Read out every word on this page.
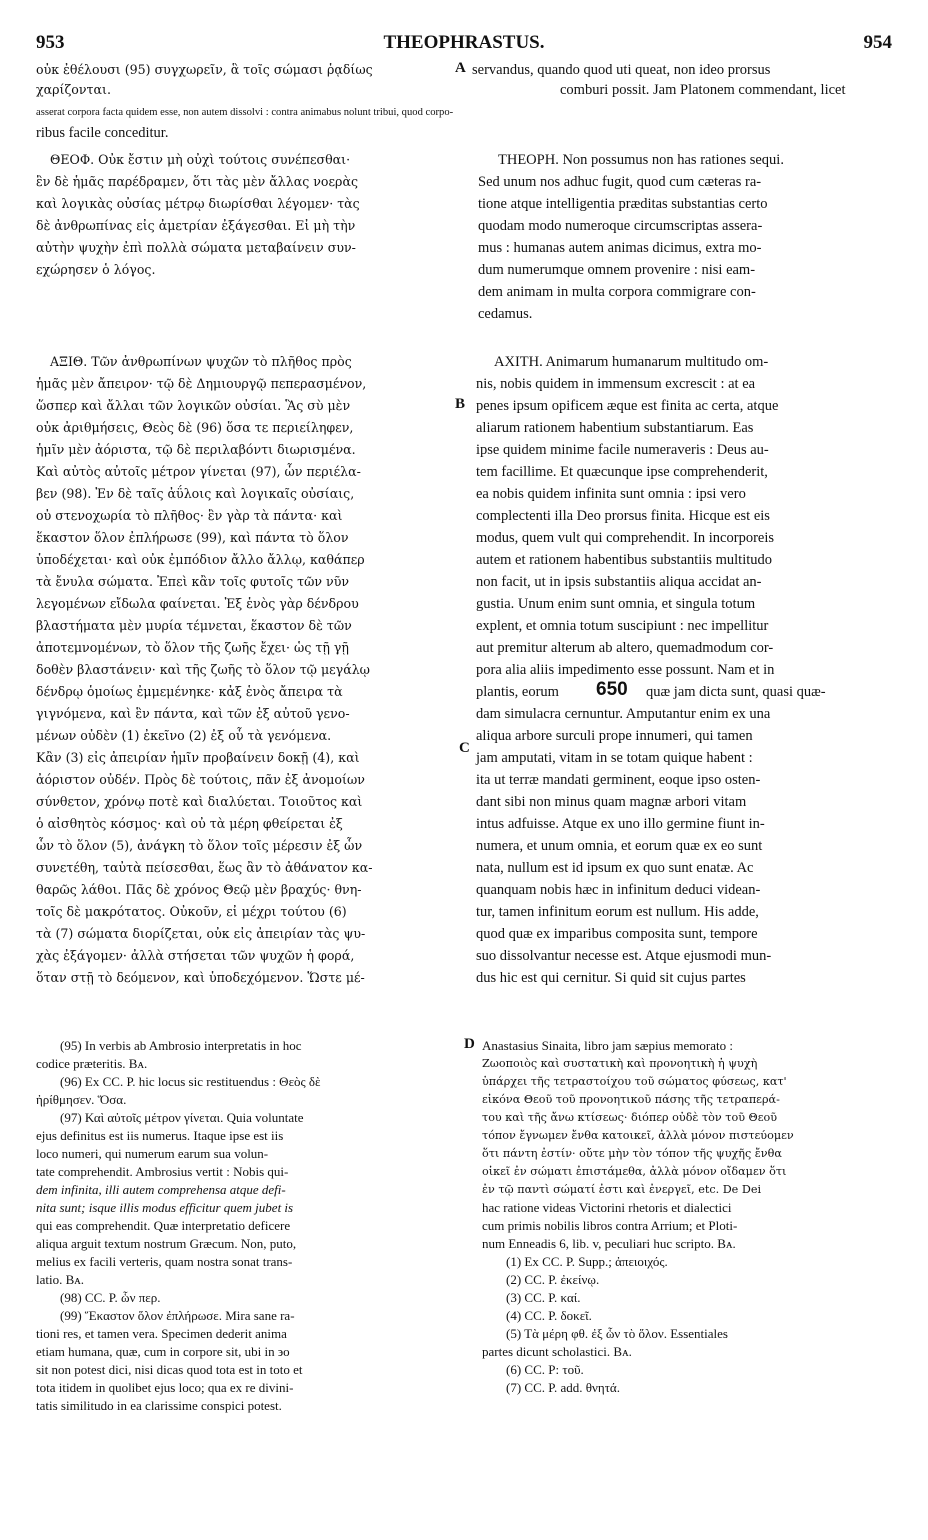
953	THEOPHRASTUS.	954
οὐκ ἐθέλουσι (95) συγχωρεῖν, ἃ τοῖς σώμασι ῥᾳδίως
χαρίζονται.
A servandus, quando quod uti queat, non ideo prorsus
comburi possit. Jam Platonem commendant, licet
asserat corpora facta quidem esse, non autem dissolvi : contra animabus nolunt tribui, quod corpo-
ribus facile conceditur.
ΘΕΟΦ. Οὐκ ἔστιν μὴ οὐχὶ τούτοις συνέπεσθαι·
ἓν δὲ ἡμᾶς παρέδραμεν, ὅτι τὰς μὲν ἄλλας νοερὰς
καὶ λογικὰς οὐσίας μέτρῳ διωρίσθαι λέγομεν· τὰς
δὲ ἀνθρωπίνας εἰς ἀμετρίαν ἐξάγεσθαι. Εἰ μὴ τὴν
αὐτὴν ψυχὴν ἐπὶ πολλὰ σώματα μεταβαίνειν συν-
εχώρησεν ὁ λόγος.
THEOPH. Non possumus non has rationes sequi.
Sed unum nos adhuc fugit, quod cum cæteras ra-
tione atque intelligentia præditas substantias certo
quodam modo numeroque circumscriptas assera-
mus : humanas autem animas dicimus, extra mo-
dum numerumque omnem provenire : nisi eam-
dem animam in multa corpora commigrare con-
cedamus.
ΑΞΙΘ. Τῶν ἀνθρωπίνων ψυχῶν τὸ πλῆθος πρὸς
ἡμᾶς μὲν ἄπειρον· τῷ δὲ Δημιουργῷ πεπερασμένον,
ὥσπερ καὶ ἄλλαι τῶν λογικῶν οὐσίαι. Ἃς σὺ μὲν
οὐκ ἀριθμήσεις, Θεὸς δὲ (96) ὅσα τε περιείληφεν,
ἡμῖν μὲν ἀόριστα, τῷ δὲ περιλαβόντι διωρισμένα.
Καὶ αὐτὸς αὐτοῖς μέτρον γίνεται (97), ὧν περιέλα-
βεν (98). Ἐν δὲ ταῖς ἀΰλοις καὶ λογικαῖς οὐσίαις,
οὐ στενοχωρία τὸ πλῆθος· ἓν γὰρ τὰ πάντα· καὶ
ἕκαστον ὅλον ἐπλήρωσε (99), καὶ πάντα τὸ ὅλον
ὑποδέχεται· καὶ οὐκ ἐμπόδιον ἄλλο ἄλλῳ, καθάπερ
τὰ ἔνυλα σώματα. Ἐπεὶ κἂν τοῖς φυτοῖς τῶν νῦν
λεγομένων εἴδωλα φαίνεται. Ἐξ ἑνὸς γὰρ δένδρου
βλαστήματα μὲν μυρία τέμνεται, ἕκαστον δὲ τῶν
ἀποτεμνομένων, τὸ ὅλον τῆς ζωῆς ἔχει· ὡς τῇ γῇ
δοθὲν βλαστάνειν· καὶ τῆς ζωῆς τὸ ὅλον τῷ μεγάλῳ
δένδρῳ ὁμοίως ἐμμεμένηκε· κἀξ ἑνὸς ἄπειρα τὰ
γιγνόμενα, καὶ ἓν πάντα, καὶ τῶν ἐξ αὐτοῦ γενο-
μένων οὐδὲν (1) ἐκεῖνο (2) ἐξ οὗ τὰ γενόμενα.
Κἂν (3) εἰς ἀπειρίαν ἡμῖν προβαίνειν δοκῇ (4), καὶ
ἀόριστον οὐδέν. Πρὸς δὲ τούτοις, πᾶν ἐξ ἀνομοίων
σύνθετον, χρόνῳ ποτὲ καὶ διαλύεται. Τοιοῦτος καὶ
ὁ αἰσθητὸς κόσμος· καὶ οὐ τὰ μέρη φθείρεται ἐξ
ὧν τὸ ὅλον (5), ἀνάγκη τὸ ὅλον τοῖς μέρεσιν ἐξ ὧν
συνετέθη, ταὐτὰ πείσεσθαι, ἕως ἂν τὸ ἀθάνατον κα-
θαρῶς λάθοι. Πᾶς δὲ χρόνος Θεῷ μὲν βραχύς· θνη-
τοῖς δὲ μακρότατος. Οὐκοῦν, εἰ μέχρι τούτου (6)
τὰ (7) σώματα διορίζεται, οὐκ εἰς ἀπειρίαν τὰς ψυ-
χὰς ἐξάγομεν· ἀλλὰ στήσεται τῶν ψυχῶν ἡ φορά,
ὅταν στῇ τὸ δεόμενον, καὶ ὑποδεχόμενον. Ὥστε μέ-
B
C
AXITH. Animarum humanarum multitudo om-
nis, nobis quidem in immensum excrescit : at ea
penes ipsum opificem æque est finita ac certa, atque
aliarum rationem habentium substantiarum. Eas
ipse quidem minime facile numeraveris : Deus au-
tem facillime. Et quæcunque ipse comprehenderit,
ea nobis quidem infinita sunt omnia : ipsi vero
complectenti illa Deo prorsus finita. Hicque est eis
modus, quem vult qui comprehendit. In incorporeis
autem et rationem habentibus substantiis multitudo
non facit, ut in ipsis substantiis aliqua accidat an-
gustia. Unum enim sunt omnia, et singula totum
explent, et omnia totum suscipiunt : nec impellitur
aut premitur alterum ab altero, quemadmodum cor-
pora alia aliis impedimento esse possunt. Nam et in
plantis, eorum 650 quæ jam dicta sunt, quasi quæ-
dam simulacra cernuntur. Amputantur enim ex una
aliqua arbore surculi prope innumeri, qui tamen
jam amputati, vitam in se totam quique habent :
ita ut terræ mandati germinent, eoque ipso osten-
dant sibi non minus quam magnæ arbori vitam
intus adfuisse. Atque ex uno illo germine fiunt in-
numera, et unum omnia, et eorum quæ ex eo sunt
nata, nullum est id ipsum ex quo sunt enatæ. Ac
quanquam nobis hæc in infinitum deduci videan-
tur, tamen infinitum eorum est nullum. His adde,
quod quæ ex imparibus composita sunt, tempore
suo dissolvantur necesse est. Atque ejusmodi mun-
dus hic est qui cernitur. Si quid sit cujus partes
(95) In verbis ab Ambrosio interpretatis in hoc
codice præteritis. Bᴀ.
(96) Ex CC. P. hic locus sic restituendus : Θεὸς δὲ
ἠρίθμησεν. Ὅσα.
(97) Καὶ αὐτοῖς μέτρον γίνεται. Quia voluntate
ejus definitus est iis numerus. Itaque ipse est iis
loco numeri, qui numerum earum sua volun-
tate comprehendit. Ambrosius vertit : Nobis qui-
dem infinita, illi autem comprehensa atque defi-
nita sunt; isque illis modus efficitur quem jubet is
qui eas comprehendit. Quæ interpretatio deficere
aliqua arguit textum nostrum Græcum. Non, puto,
melius ex facili verteris, quam nostra sonat trans-
latio. Bᴀ.
(98) CC. P. ὧν περ.
(99) Ἕκαστον ὅλον ἐπλήρωσε. Mira sane ra-
tioni res, et tamen vera. Specimen dederit anima
etiam humana, quæ, cum in corpore sit, ubi in ϶o
sit non potest dici, nisi dicas quod tota est in toto et
tota itidem in quolibet ejus loco; qua ex re divini-
tatis similitudo in ea clarissime conspici potest.
D Anastasius Sinaita, libro jam sæpius memorato :
Ζωοποιὸς καὶ συστατικὴ καὶ προνοητικὴ ἡ ψυχὴ
ὑπάρχει τῆς τετραστοίχου τοῦ σώματος φύσεως, κατ'
εἰκόνα Θεοῦ τοῦ προνοητικοῦ πάσης τῆς τετραπερά-
του καὶ τῆς ἄνω κτίσεως· διόπερ οὐδὲ τὸν τοῦ Θεοῦ
τόπον ἔγνωμεν ἔνθα κατοικεῖ, ἀλλὰ μόνον πιστεύομεν
ὅτι πάντη ἐστίν· οὔτε μὴν τὸν τόπον τῆς ψυχῆς ἔνθα
οἰκεῖ ἐν σώματι ἐπιστάμεθα, ἀλλὰ μόνον οἴδαμεν ὅτι
ἐν τῷ παντὶ σώματί ἐστι καὶ ἐνεργεῖ, etc. De Dei
hac ratione videas Victorini rhetoris et dialectici
cum primis nobilis libros contra Arrium; et Ploti-
num Enneadis 6, lib. v, peculiari huc scripto. Bᴀ.
(1) Ex CC. P. Supp.; ἀπειοιχός.
(2) CC. P. ἐκείνῳ.
(3) CC. P. καί.
(4) CC. P. δοκεῖ.
(5) Τὰ μέρη φθ. ἐξ ὧν τὸ ὅλον. Essentiales
partes dicunt scholastici. Bᴀ.
(6) CC. P: τοῦ.
(7) CC. P. add. θνητά.
